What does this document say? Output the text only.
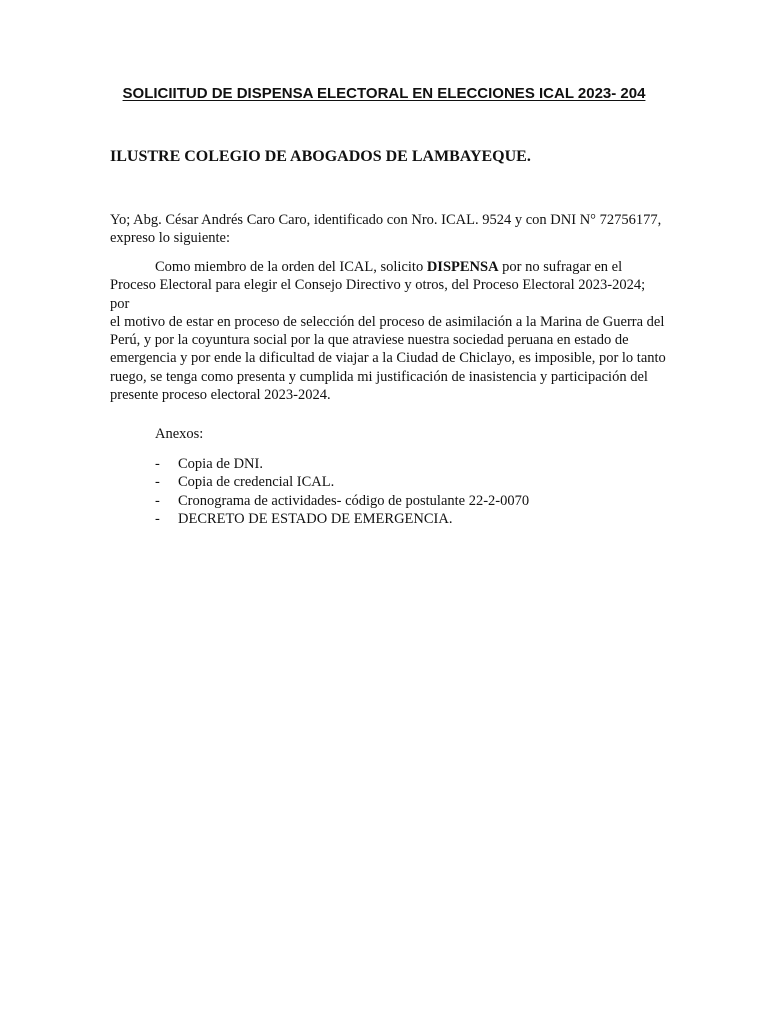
SOLICIITUD DE DISPENSA ELECTORAL EN ELECCIONES ICAL 2023- 204
ILUSTRE COLEGIO DE ABOGADOS DE LAMBAYEQUE.

Yo; Abg. César Andrés Caro Caro, identificado con Nro. ICAL. 9524 y con DNI N° 72756177,
expreso lo siguiente:

Como miembro de la orden del ICAL, solicito DISPENSA por no sufragar en el
Proceso Electoral para elegir el Consejo Directivo y otros, del Proceso Electoral 2023-2024; por
el motivo de estar en proceso de selección del proceso de asimilación a la Marina de Guerra del
Perú, y por la coyuntura social por la que atraviese nuestra sociedad peruana en estado de
emergencia y por ende la dificultad de viajar a la Ciudad de Chiclayo, es imposible, por lo tanto
ruego, se tenga como presenta y cumplida mi justificación de inasistencia y participación del
presente proceso electoral 2023-2024.

Anexos:

- Copia de DNI.
- Copia de credencial ICAL.
- Cronograma de actividades- código de postulante 22-2-0070
- DECRETO DE ESTADO DE EMERGENCIA.
